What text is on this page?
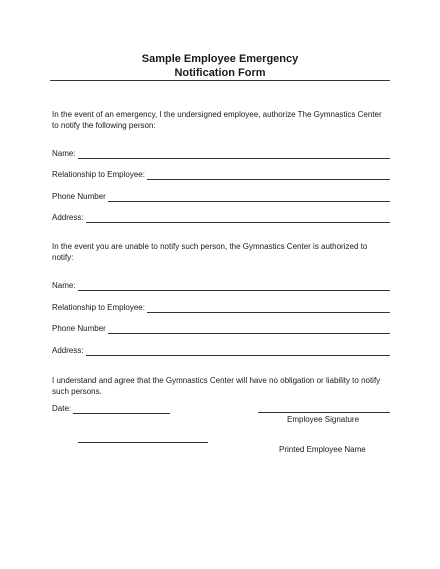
Sample Employee Emergency
Notification Form
In the event of an emergency, I the undersigned employee, authorize The Gymnastics Center to notify the following person:
Name:
Relationship to Employee:
Phone Number
Address:
In the event you are unable to notify such person, the Gymnastics Center is authorized to notify:
Name:
Relationship to Employee:
Phone Number
Address:
I understand and agree that the Gymnastics Center will have no obligation or liability to notify such persons.
Date:
Employee Signature
Printed Employee Name
